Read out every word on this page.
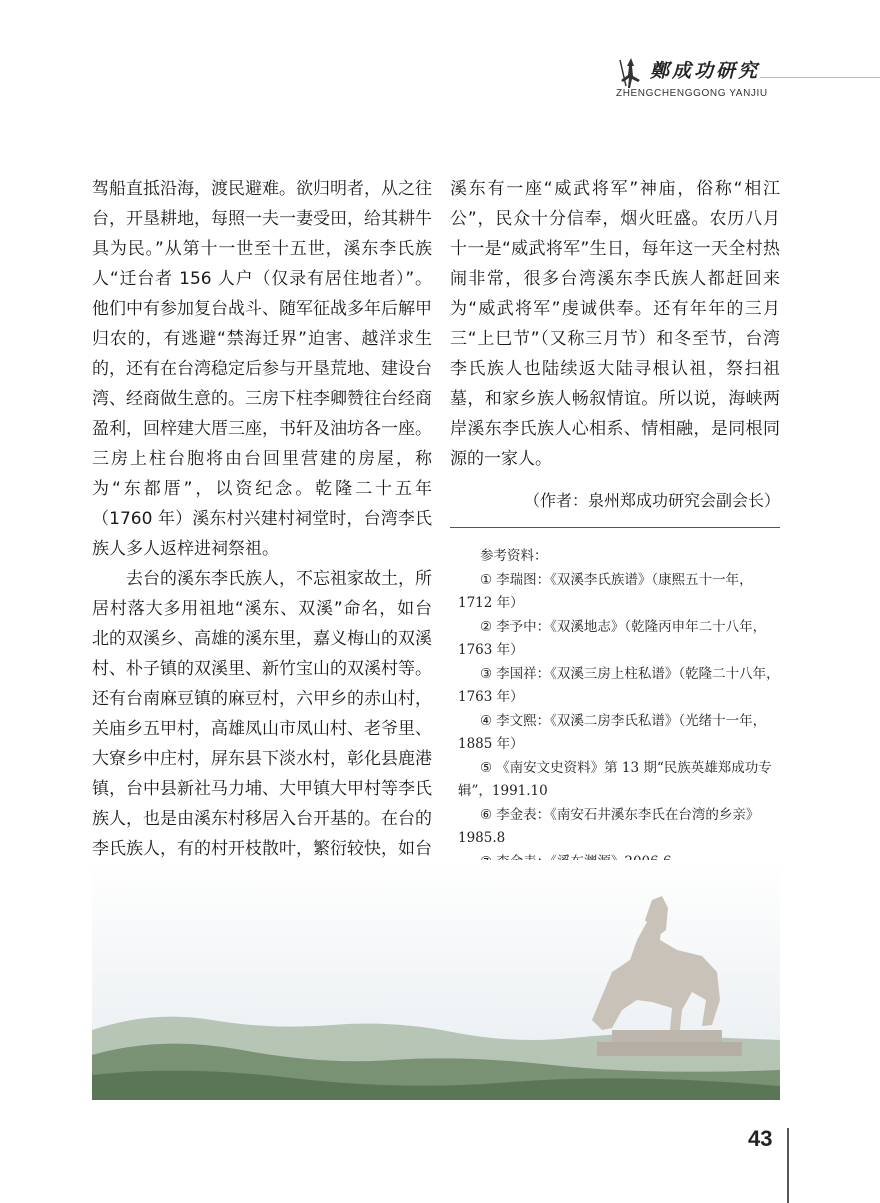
鄭成功研究
ZHENGCHENGGONG YANJIU

驾船直抵沿海，渡民避难。欲归明者，从之往台，开垦耕地，每照一夫一妻受田，给其耕牛具为民。”从第十一世至十五世，溪东李氏族人“迁台者 156 人户（仅录有居住地者）”。他们中有参加复台战斗、随军征战多年后解甲归农的，有逃避“禁海迁界”迫害、越洋求生的，还有在台湾稳定后参与开垦荒地、建设台湾、经商做生意的。三房下柱李卿赞往台经商盈利，回梓建大厝三座，书轩及油坊各一座。三房上柱台胞将由台回里营建的房屋，称为“东都厝”，以资纪念。乾隆二十五年（1760 年）溪东村兴建村祠堂时，台湾李氏族人多人返梓进祠祭祖。

去台的溪东李氏族人，不忘祖家故土，所居村落大多用祖地“溪东、双溪”命名，如台北的双溪乡、高雄的溪东里，嘉义梅山的双溪村、朴子镇的双溪里、新竹宝山的双溪村等。还有台南麻豆镇的麻豆村，六甲乡的赤山村，关庙乡五甲村，高雄凤山市凤山村、老爷里、大寮乡中庄村，屏东县下淡水村，彰化县鹿港镇，台中县新社马力埔、大甲镇大甲村等李氏族人，也是由溪东村移居入台开基的。在台的李氏族人，有的村开枝散叶，繁衍较快，如台

溪东有一座“威武将军”神庙，俗称“相江公”，民众十分信奉，烟火旺盛。农历八月十一是“威武将军”生日，每年这一天全村热闹非常，很多台湾溪东李氏族人都赶回来为“威武将军”虔诚供奉。还有年年的三月三“上巳节”（又称三月节）和冬至节，台湾李氏族人也陆续返大陆寻根认祖，祭扫祖墓，和家乡族人畅叙情谊。所以说，海峡两岸溪东李氏族人心相系、情相融，是同根同源的一家人。

（作者：泉州郑成功研究会副会长）

参考资料：

① 李瑞图：《双溪李氏族谱》（康熙五十一年，1712 年）

② 李予中：《双溪地志》（乾隆丙申年二十八年，1763 年）

③ 李国祥：《双溪三房上柱私谱》（乾隆二十八年，1763 年）

④ 李文熙：《双溪二房李氏私谱》（光绪十一年，1885 年）

⑤ 《南安文史资料》第 13 期“民族英雄郑成功专辑”，1991.10

⑥ 李金表：《南安石井溪东李氏在台湾的乡亲》1985.8

43
